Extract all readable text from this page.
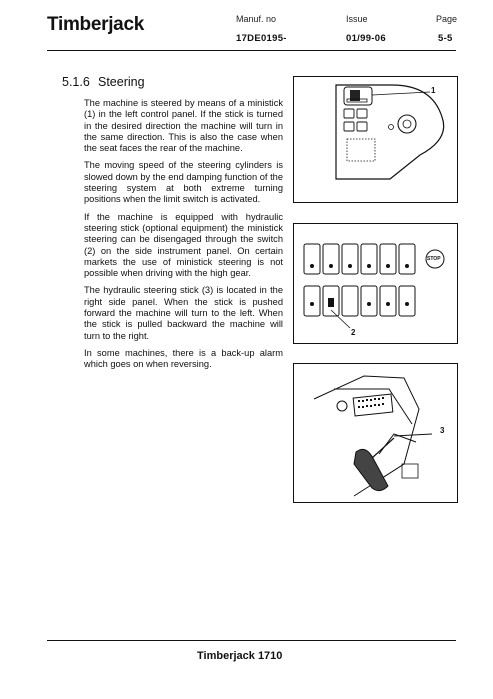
Timberjack	Manuf. no
17DE0195-
Issue
01/99-06
Page
5-5
5.1.6 Steering

The machine is steered by means of a ministick (1) in the left control panel. If the stick is turned in the desired direction the machine will turn in the same direction. This is also the case when the seat faces the rear of the machine.

The moving speed of the steering cylinders is slowed down by the end damping function of the steering system at both extreme turning positions when the limit switch is activated.

If the machine is equipped with hydraulic steering stick (optional equipment) the ministick steering can be disengaged through the switch (2) on the side instrument panel. On certain markets the use of ministick steering is not possible when driving with the high gear.

The hydraulic steering stick (3) is located in the right side panel. When the stick is pushed forward the machine will turn to the left. When the stick is pulled backward the machine will turn to the right.

In some machines, there is a back-up alarm which goes on when reversing.

1
STOP
2
3
Timberjack 1710
